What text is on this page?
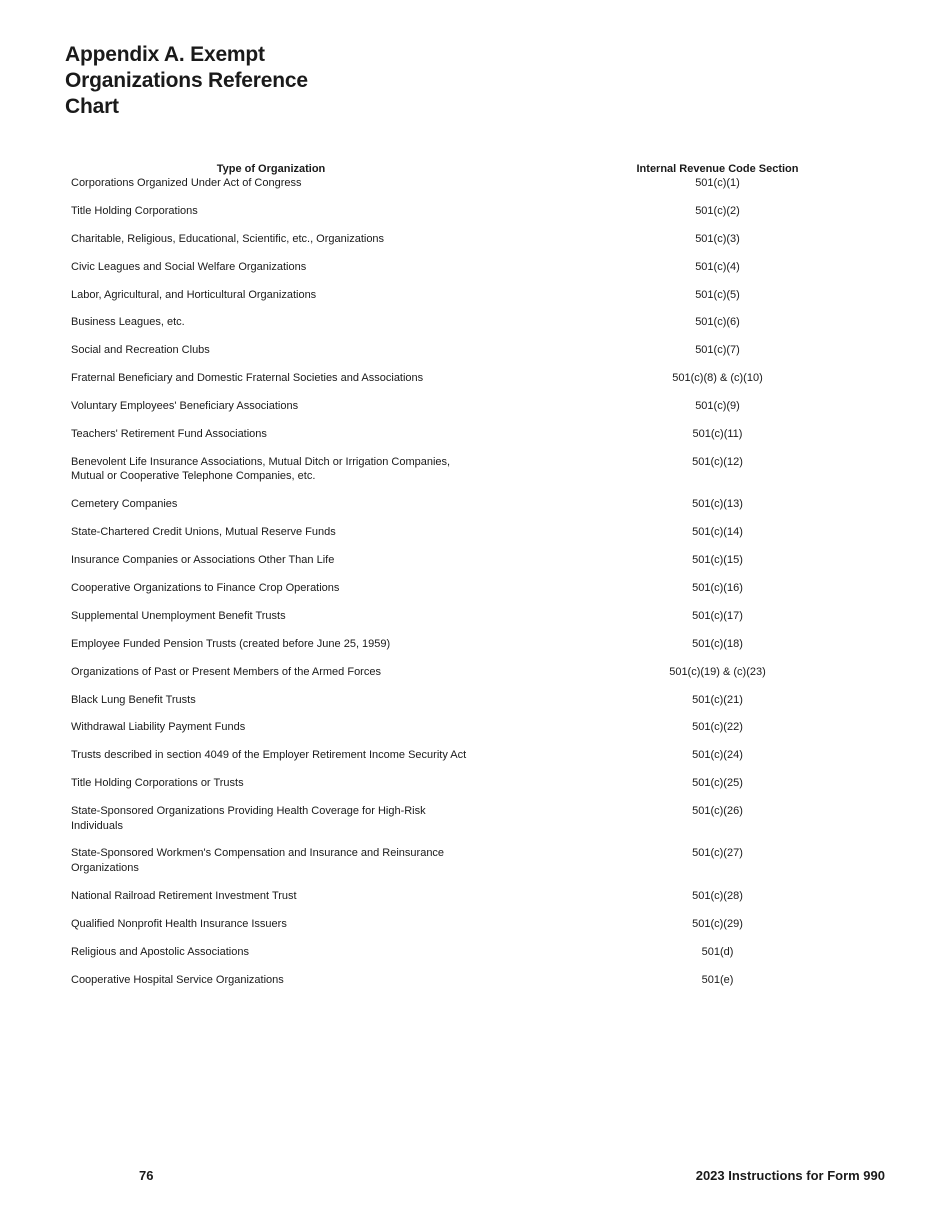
Appendix A. Exempt Organizations Reference Chart
Type of Organization	Internal Revenue Code Section
Corporations Organized Under Act of Congress	501(c)(1)
Title Holding Corporations	501(c)(2)
Charitable, Religious, Educational, Scientific, etc., Organizations	501(c)(3)
Civic Leagues and Social Welfare Organizations	501(c)(4)
Labor, Agricultural, and Horticultural Organizations	501(c)(5)
Business Leagues, etc.	501(c)(6)
Social and Recreation Clubs	501(c)(7)
Fraternal Beneficiary and Domestic Fraternal Societies and Associations	501(c)(8) & (c)(10)
Voluntary Employees' Beneficiary Associations	501(c)(9)
Teachers' Retirement Fund Associations	501(c)(11)
Benevolent Life Insurance Associations, Mutual Ditch or Irrigation Companies, Mutual or Cooperative Telephone Companies, etc.
501(c)(12)
Cemetery Companies	501(c)(13)
State-Chartered Credit Unions, Mutual Reserve Funds	501(c)(14)
Insurance Companies or Associations Other Than Life	501(c)(15)
Cooperative Organizations to Finance Crop Operations	501(c)(16)
Supplemental Unemployment Benefit Trusts	501(c)(17)
Employee Funded Pension Trusts (created before June 25, 1959)	501(c)(18)
Organizations of Past or Present Members of the Armed Forces	501(c)(19) & (c)(23)
Black Lung Benefit Trusts	501(c)(21)
Withdrawal Liability Payment Funds	501(c)(22)
Trusts described in section 4049 of the Employer Retirement Income Security Act	501(c)(24)
Title Holding Corporations or Trusts	501(c)(25)
State-Sponsored Organizations Providing Health Coverage for High-Risk Individuals
501(c)(26)
State-Sponsored Workmen's Compensation and Insurance and Reinsurance Organizations
501(c)(27)
National Railroad Retirement Investment Trust	501(c)(28)
Qualified Nonprofit Health Insurance Issuers	501(c)(29)
Religious and Apostolic Associations	501(d)
Cooperative Hospital Service Organizations	501(e)
76	2023 Instructions for Form 990
